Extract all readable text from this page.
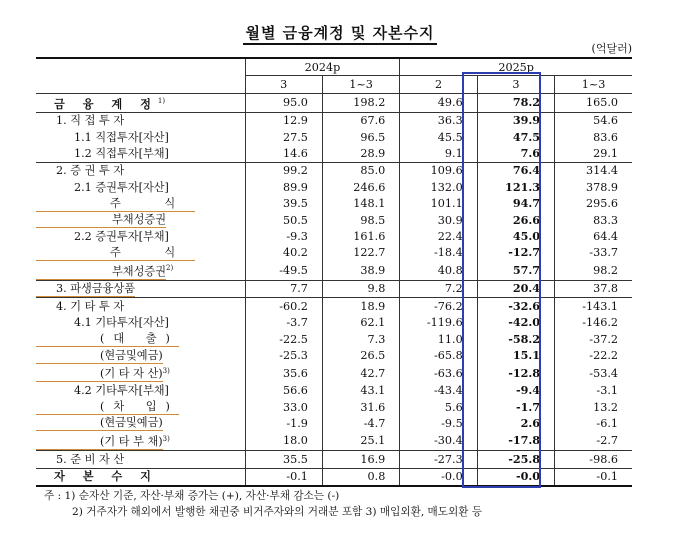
월별 금융계정 및 자본수지
(억달러)
	2024p		2025p		
	3	1~3	2	3	1~3
금 융 계 정$^{1)}$	95.0	198.2	49.6	78.2	165.0
1. 직 접 투 자	12.9	67.6	36.3	39.9	54.6
1.1 직접투자[자산]	27.5	96.5	45.5	47.5	83.6
1.2 직접투자[부채]	14.6	28.9	9.1	7.6	29.1
2. 증 권 투 자	99.2	85.0	109.6	76.4	314.4
2.1 증권투자[자산]	89.9	246.6	132.0	121.3	378.9
주 식	39.5	148.1	101.1	94.7	295.6
부채성증권	50.5	98.5	30.9	26.6	83.3
2.2 증권투자[부채]	-9.3	161.6	22.4	45.0	64.4
주 식	40.2	122.7	-18.4	-12.7	-33.7
부채성증권$^{2)}$	-49.5	38.9	40.8	57.7	98.2
3. 파생금융상품	7.7	9.8	7.2	20.4	37.8
4. 기 타 투 자	-60.2	18.9	-76.2	-32.6	-143.1
4.1 기타투자[자산]	-3.7	62.1	-119.6	-42.0	-146.2
(대 출)	-22.5	7.3	11.0	-58.2	-37.2
(현금및예금)	-25.3	26.5	-65.8	15.1	-22.2
(기 타 자 산)$^{3)}$	35.6	42.7	-63.6	-12.8	-53.4
4.2 기타투자[부채]	56.6	43.1	-43.4	-9.4	-3.1
(차 입)	33.0	31.6	5.6	-1.7	13.2
(현금및예금)	-1.9	-4.7	-9.5	2.6	-6.1
(기 타 부 채)$^{3)}$	18.0	25.1	-30.4	-17.8	-2.7
5. 준 비 자 산	35.5	16.9	-27.3	-25.8	-98.6
자 본 수 지	-0.1	0.8	-0.0	-0.0	-0.1
주 : 1) 순자산 기준, 자산·부채 증가는 (+), 자산·부채 감소는 (-)
2) 거주자가 해외에서 발행한 채권중 비거주자와의 거래분 포함 3) 매입외환, 매도외환 등
